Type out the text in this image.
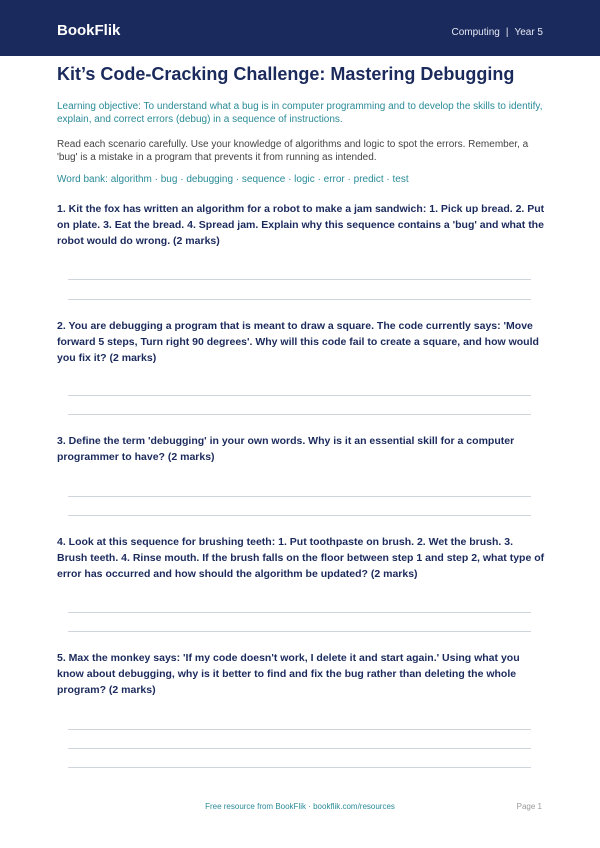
BookFlik	Computing | Year 5
Kit’s Code-Cracking Challenge: Mastering Debugging
Learning objective: To understand what a bug is in computer programming and to develop the skills to identify, explain, and correct errors (debug) in a sequence of instructions.
Read each scenario carefully. Use your knowledge of algorithms and logic to spot the errors. Remember, a 'bug' is a mistake in a program that prevents it from running as intended.
Word bank: algorithm · bug · debugging · sequence · logic · error · predict · test
1. Kit the fox has written an algorithm for a robot to make a jam sandwich: 1. Pick up bread. 2. Put on plate. 3. Eat the bread. 4. Spread jam. Explain why this sequence contains a 'bug' and what the robot would do wrong. (2 marks)
2. You are debugging a program that is meant to draw a square. The code currently says: 'Move forward 5 steps, Turn right 90 degrees'. Why will this code fail to create a square, and how would you fix it? (2 marks)
3. Define the term 'debugging' in your own words. Why is it an essential skill for a computer programmer to have? (2 marks)
4. Look at this sequence for brushing teeth: 1. Put toothpaste on brush. 2. Wet the brush. 3. Brush teeth. 4. Rinse mouth. If the brush falls on the floor between step 1 and step 2, what type of error has occurred and how should the algorithm be updated? (2 marks)
5. Max the monkey says: 'If my code doesn't work, I delete it and start again.' Using what you know about debugging, why is it better to find and fix the bug rather than deleting the whole program? (2 marks)
Free resource from BookFlik · bookflik.com/resources	Page 1
